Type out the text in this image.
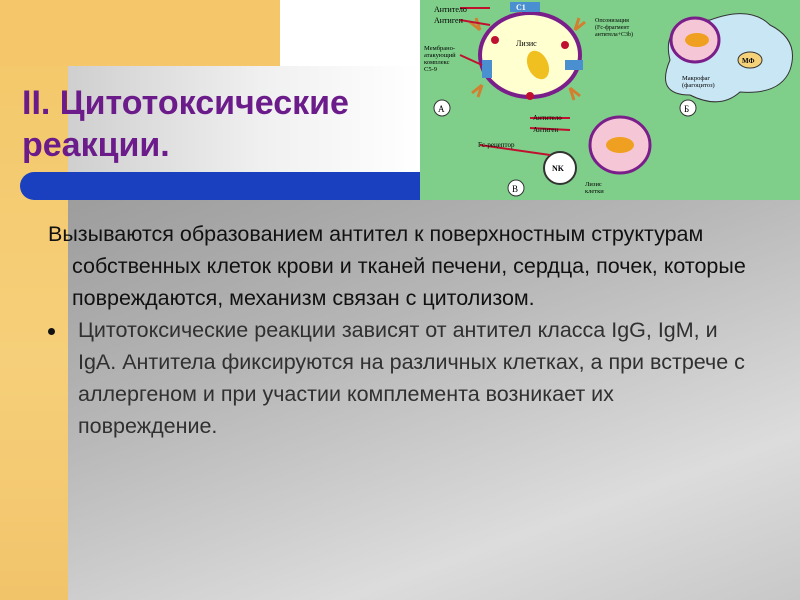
II. Цитотоксические реакции.
Антитело
Антиген
C1
Лизис
Мембрано- атакующий комплекс C5-9
А
МФ
Опсонизация (Fc-фрагмент антитела+C3b)
Макрофаг (фагоцитоз)
Б
NK
Антитело
Антиген
Fc-рецептор
Лизис клетки
В

Вызываются образованием антител к поверхностным структурам собственных клеток крови и тканей печени, сердца, почек, которые повреждаются, механизм связан с цитолизом.

Цитотоксические реакции зависят от антител класса IgG, IgM, и IgA. Антитела фиксируются на различных клетках, а при встрече с аллергеном и при участии комплемента возникает их повреждение.
